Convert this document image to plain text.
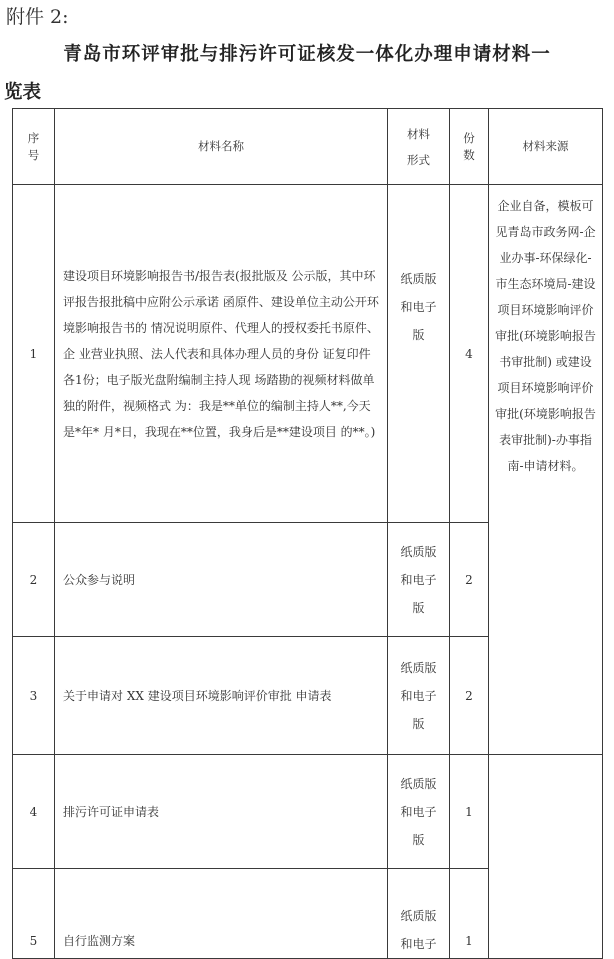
附件 2:
青岛市环评审批与排污许可证核发一体化办理申请材料一
览表
序号	材料名称	材料形式	份数	材料来源
1	建设项目环境影响报告书/报告表(报批版及 公示版，其中环评报告报批稿中应附公示承诺 函原件、建设单位主动公开环境影响报告书的 情况说明原件、代理人的授权委托书原件、企 业营业执照、法人代表和具体办理人员的身份 证复印件各1份；电子版光盘附编制主持人现 场踏勘的视频材料做单独的附件，视频格式 为：我是**单位的编制主持人**,今天是*年* 月*日，我现在**位置，我身后是**建设项目 的**。)	纸质版和电子版	4	企业自备，模板可见青岛市政务网-企业办事-环保绿化-市生态环境局-建设项目环境影响评价审批(环境影响报告书审批制) 或建设项目环境影响评价审批(环境影响报告表审批制)-办事指南-申请材料。
2	公众参与说明	纸质版和电子版	2	
3	关于申请对 XX 建设项目环境影响评价审批 申请表	纸质版和电子版	2	
4	排污许可证申请表	纸质版和电子版	1	
5	自行监测方案	纸质版和电子	1	
